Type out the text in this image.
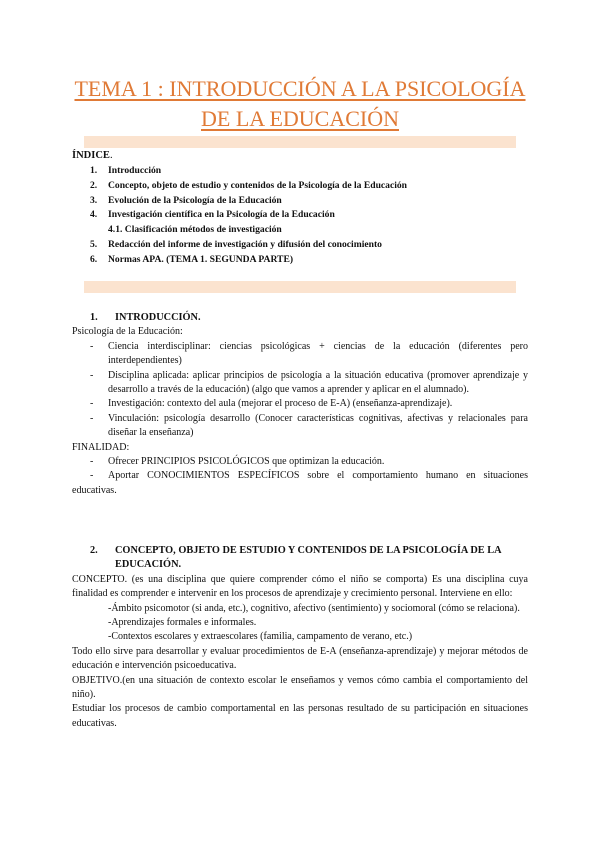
TEMA 1 : INTRODUCCIÓN A LA PSICOLOGÍA DE LA EDUCACIÓN
ÍNDICE.
1. Introducción
2. Concepto, objeto de estudio y contenidos de la Psicología de la Educación
3. Evolución de la Psicología de la Educación
4. Investigación científica en la Psicología de la Educación
4.1. Clasificación métodos de investigación
5. Redacción del informe de investigación y difusión del conocimiento
6. Normas APA. (TEMA 1. SEGUNDA PARTE)
1. INTRODUCCIÓN.
Psicología de la Educación:
- Ciencia interdisciplinar: ciencias psicológicas + ciencias de la educación (diferentes pero interdependientes)
- Disciplina aplicada: aplicar principios de psicología a la situación educativa (promover aprendizaje y desarrollo a través de la educación) (algo que vamos a aprender y aplicar en el alumnado).
- Investigación: contexto del aula (mejorar el proceso de E-A) (enseñanza-aprendizaje).
- Vinculación: psicología desarrollo (Conocer características cognitivas, afectivas y relacionales para diseñar la enseñanza)
FINALIDAD:
- Ofrecer PRINCIPIOS PSICOLÓGICOS que optimizan la educación.
- Aportar CONOCIMIENTOS ESPECÍFICOS sobre el comportamiento humano en situaciones educativas.
2. CONCEPTO, OBJETO DE ESTUDIO Y CONTENIDOS DE LA PSICOLOGÍA DE LA EDUCACIÓN.
CONCEPTO. (es una disciplina que quiere comprender cómo el niño se comporta) Es una disciplina cuya finalidad es comprender e intervenir en los procesos de aprendizaje y crecimiento personal. Interviene en ello:
-Ámbito psicomotor (si anda, etc.), cognitivo, afectivo (sentimiento) y sociomoral (cómo se relaciona).
-Aprendizajes formales e informales.
-Contextos escolares y extraescolares (familia, campamento de verano, etc.)
Todo ello sirve para desarrollar y evaluar procedimientos de E-A (enseñanza-aprendizaje) y mejorar métodos de educación e intervención psicoeducativa.
OBJETIVO.(en una situación de contexto escolar le enseñamos y vemos cómo cambia el comportamiento del niño).
Estudiar los procesos de cambio comportamental en las personas resultado de su participación en situaciones educativas.
